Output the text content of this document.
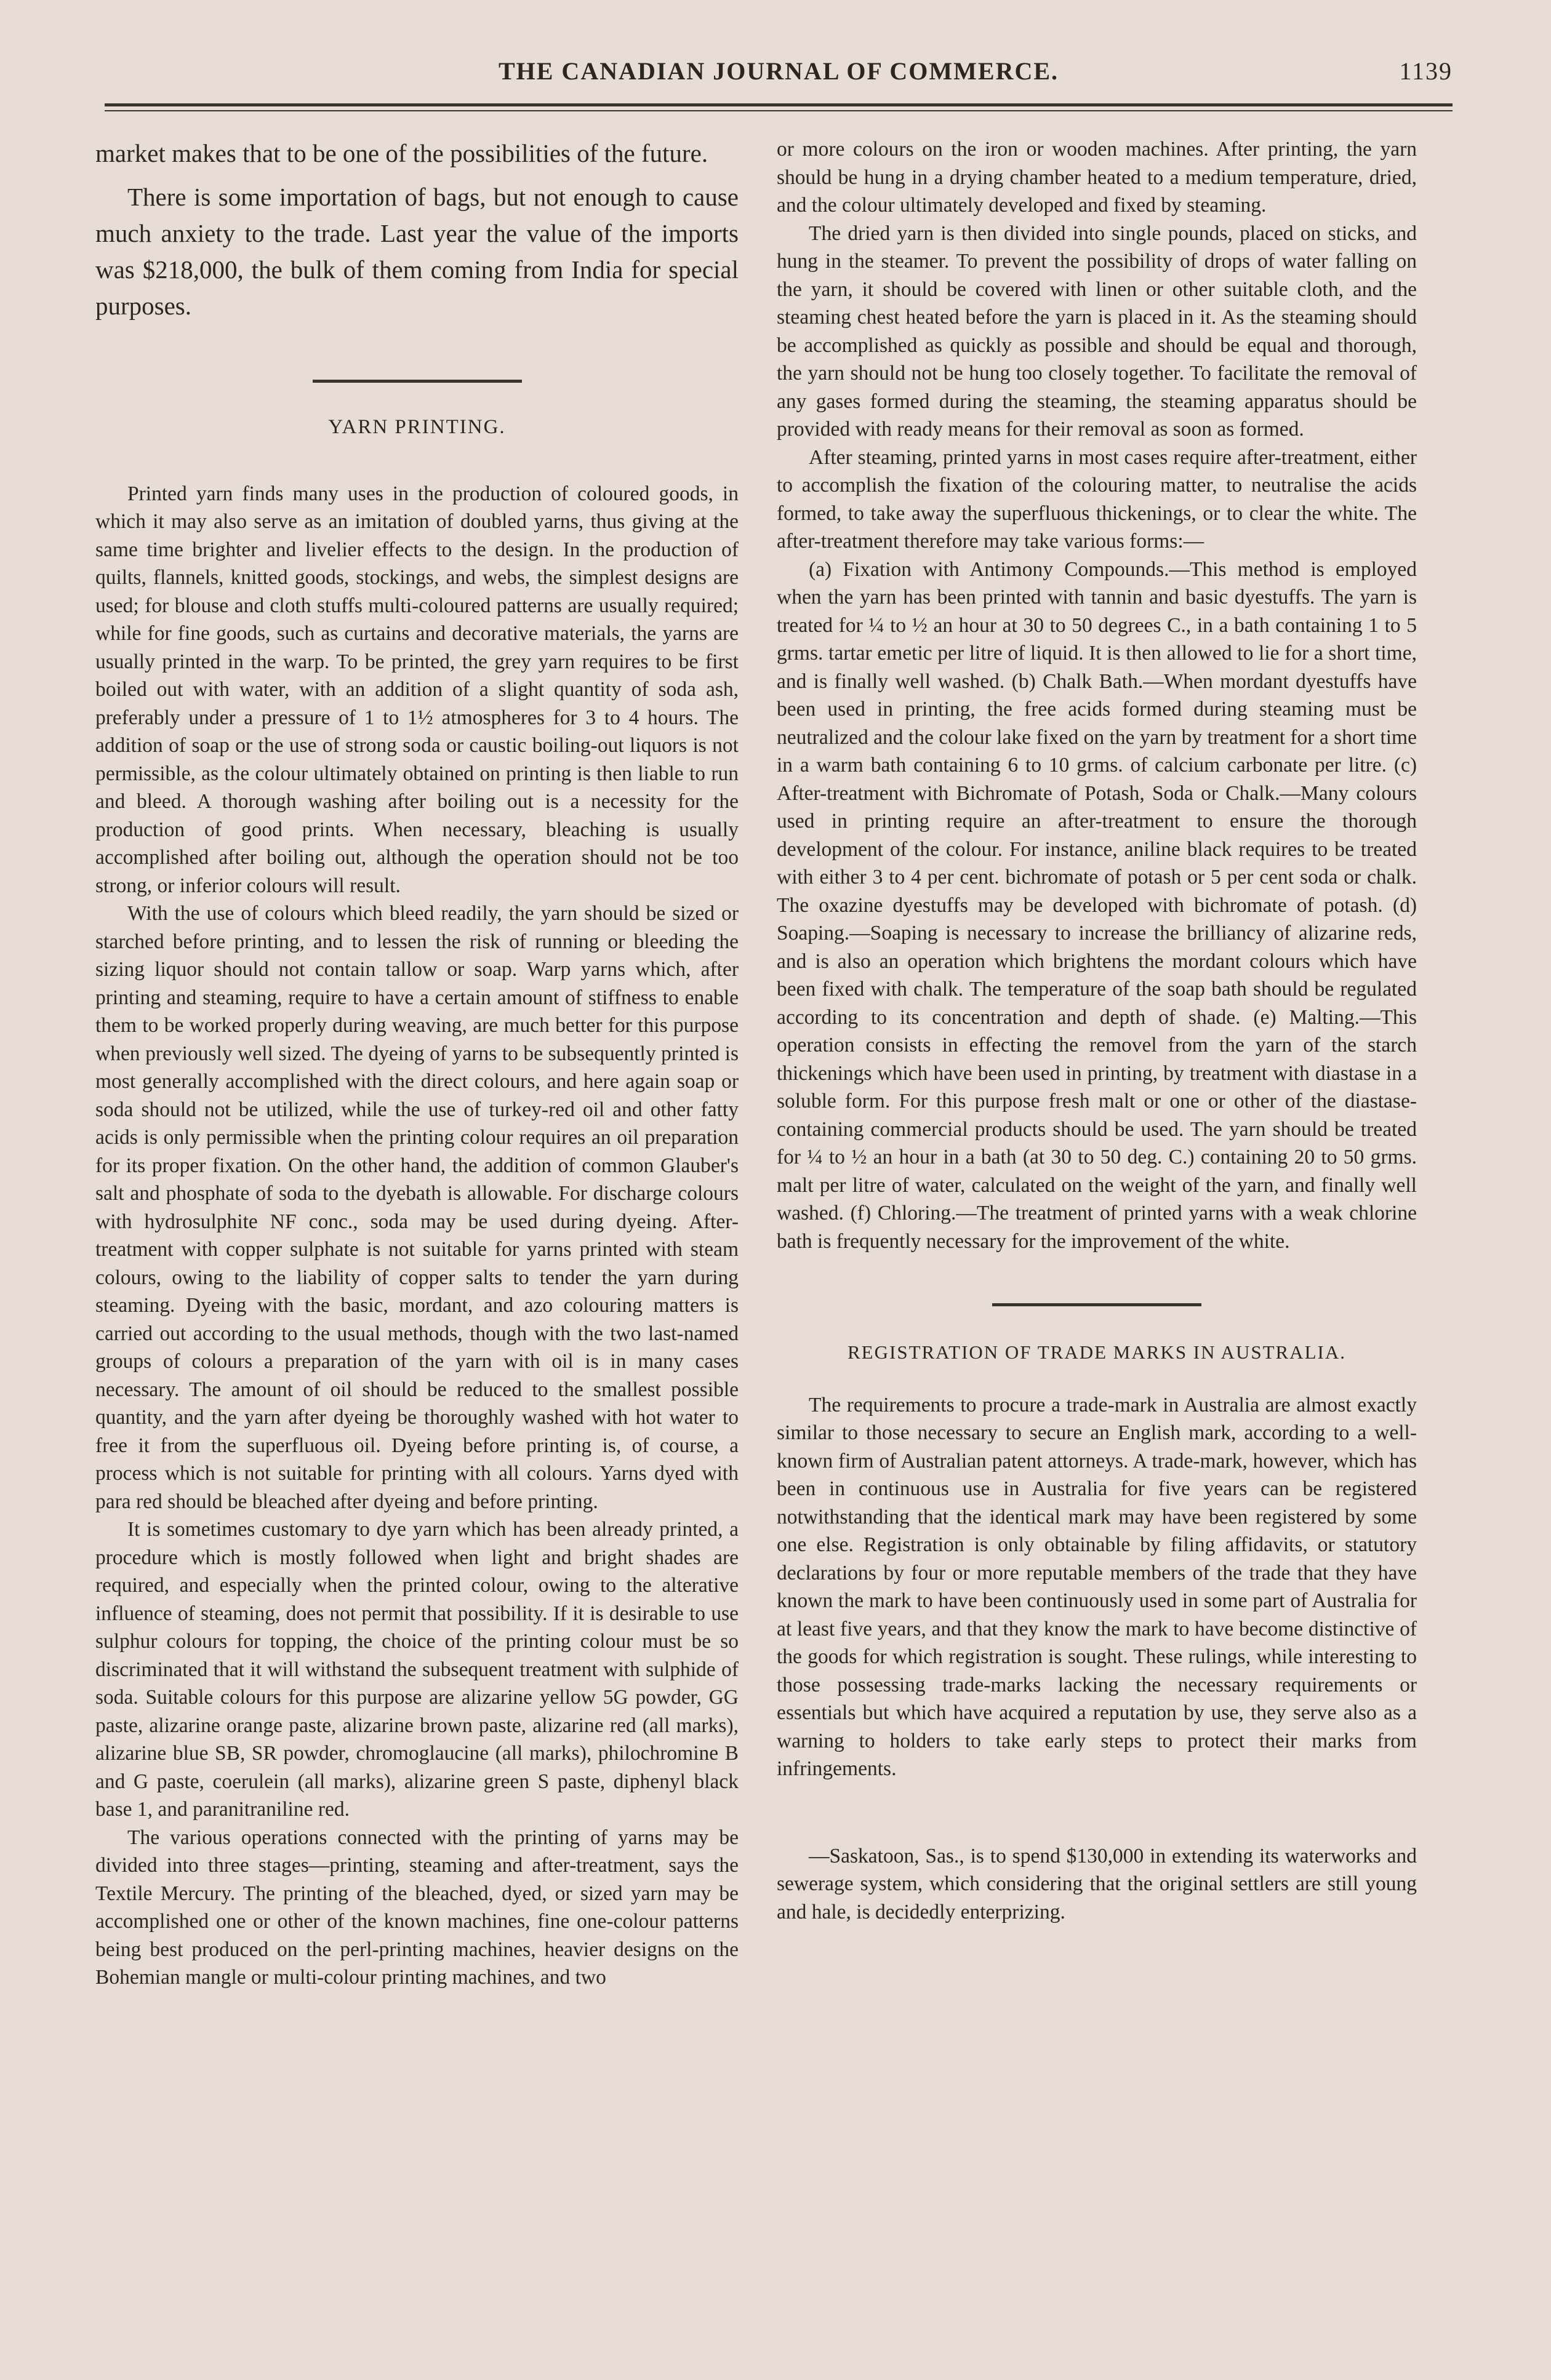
THE CANADIAN JOURNAL OF COMMERCE.	1139

market makes that to be one of the possibilities of the future.

There is some importation of bags, but not enough to cause much anxiety to the trade. Last year the value of the imports was $218,000, the bulk of them coming from India for special purposes.

YARN PRINTING.

Printed yarn finds many uses in the production of coloured goods, in which it may also serve as an imitation of doubled yarns, thus giving at the same time brighter and livelier effects to the design. In the production of quilts, flannels, knitted goods, stockings, and webs, the simplest designs are used; for blouse and cloth stuffs multi-coloured patterns are usually required; while for fine goods, such as curtains and decorative materials, the yarns are usually printed in the warp. To be printed, the grey yarn requires to be first boiled out with water, with an addition of a slight quantity of soda ash, preferably under a pressure of 1 to 1½ atmospheres for 3 to 4 hours. The addition of soap or the use of strong soda or caustic boiling-out liquors is not permissible, as the colour ultimately obtained on printing is then liable to run and bleed. A thorough washing after boiling out is a necessity for the production of good prints. When necessary, bleaching is usually accomplished after boiling out, although the operation should not be too strong, or inferior colours will result.

With the use of colours which bleed readily, the yarn should be sized or starched before printing, and to lessen the risk of running or bleeding the sizing liquor should not contain tallow or soap. Warp yarns which, after printing and steaming, require to have a certain amount of stiffness to enable them to be worked properly during weaving, are much better for this purpose when previously well sized. The dyeing of yarns to be subsequently printed is most generally accomplished with the direct colours, and here again soap or soda should not be utilized, while the use of turkey-red oil and other fatty acids is only permissible when the printing colour requires an oil preparation for its proper fixation. On the other hand, the addition of common Glauber's salt and phosphate of soda to the dyebath is allowable. For discharge colours with hydrosulphite NF conc., soda may be used during dyeing. After-treatment with copper sulphate is not suitable for yarns printed with steam colours, owing to the liability of copper salts to tender the yarn during steaming. Dyeing with the basic, mordant, and azo colouring matters is carried out according to the usual methods, though with the two last-named groups of colours a preparation of the yarn with oil is in many cases necessary. The amount of oil should be reduced to the smallest possible quantity, and the yarn after dyeing be thoroughly washed with hot water to free it from the superfluous oil. Dyeing before printing is, of course, a process which is not suitable for printing with all colours. Yarns dyed with para red should be bleached after dyeing and before printing.

It is sometimes customary to dye yarn which has been already printed, a procedure which is mostly followed when light and bright shades are required, and especially when the printed colour, owing to the alterative influence of steaming, does not permit that possibility. If it is desirable to use sulphur colours for topping, the choice of the printing colour must be so discriminated that it will withstand the subsequent treatment with sulphide of soda. Suitable colours for this purpose are alizarine yellow 5G powder, GG paste, alizarine orange paste, alizarine brown paste, alizarine red (all marks), alizarine blue SB, SR powder, chromoglaucine (all marks), philochromine B and G paste, coerulein (all marks), alizarine green S paste, diphenyl black base 1, and paranitraniline red.

The various operations connected with the printing of yarns may be divided into three stages—printing, steaming and after-treatment, says the Textile Mercury. The printing of the bleached, dyed, or sized yarn may be accomplished one or other of the known machines, fine one-colour patterns being best produced on the perl-printing machines, heavier designs on the Bohemian mangle or multi-colour printing machines, and two

or more colours on the iron or wooden machines. After printing, the yarn should be hung in a drying chamber heated to a medium temperature, dried, and the colour ultimately developed and fixed by steaming.

The dried yarn is then divided into single pounds, placed on sticks, and hung in the steamer. To prevent the possibility of drops of water falling on the yarn, it should be covered with linen or other suitable cloth, and the steaming chest heated before the yarn is placed in it. As the steaming should be accomplished as quickly as possible and should be equal and thorough, the yarn should not be hung too closely together. To facilitate the removal of any gases formed during the steaming, the steaming apparatus should be provided with ready means for their removal as soon as formed.

After steaming, printed yarns in most cases require after-treatment, either to accomplish the fixation of the colouring matter, to neutralise the acids formed, to take away the superfluous thickenings, or to clear the white. The after-treatment therefore may take various forms:—

(a) Fixation with Antimony Compounds.—This method is employed when the yarn has been printed with tannin and basic dyestuffs. The yarn is treated for ¼ to ½ an hour at 30 to 50 degrees C., in a bath containing 1 to 5 grms. tartar emetic per litre of liquid. It is then allowed to lie for a short time, and is finally well washed. (b) Chalk Bath.—When mordant dyestuffs have been used in printing, the free acids formed during steaming must be neutralized and the colour lake fixed on the yarn by treatment for a short time in a warm bath containing 6 to 10 grms. of calcium carbonate per litre. (c) After-treatment with Bichromate of Potash, Soda or Chalk.—Many colours used in printing require an after-treatment to ensure the thorough development of the colour. For instance, aniline black requires to be treated with either 3 to 4 per cent. bichromate of potash or 5 per cent soda or chalk. The oxazine dyestuffs may be developed with bichromate of potash. (d) Soaping.—Soaping is necessary to increase the brilliancy of alizarine reds, and is also an operation which brightens the mordant colours which have been fixed with chalk. The temperature of the soap bath should be regulated according to its concentration and depth of shade. (e) Malting.—This operation consists in effecting the removel from the yarn of the starch thickenings which have been used in printing, by treatment with diastase in a soluble form. For this purpose fresh malt or one or other of the diastase-containing commercial products should be used. The yarn should be treated for ¼ to ½ an hour in a bath (at 30 to 50 deg. C.) containing 20 to 50 grms. malt per litre of water, calculated on the weight of the yarn, and finally well washed. (f) Chloring.—The treatment of printed yarns with a weak chlorine bath is frequently necessary for the improvement of the white.

REGISTRATION OF TRADE MARKS IN AUSTRALIA.

The requirements to procure a trade-mark in Australia are almost exactly similar to those necessary to secure an English mark, according to a well-known firm of Australian patent attorneys. A trade-mark, however, which has been in continuous use in Australia for five years can be registered notwithstanding that the identical mark may have been registered by some one else. Registration is only obtainable by filing affidavits, or statutory declarations by four or more reputable members of the trade that they have known the mark to have been continuously used in some part of Australia for at least five years, and that they know the mark to have become distinctive of the goods for which registration is sought. These rulings, while interesting to those possessing trade-marks lacking the necessary requirements or essentials but which have acquired a reputation by use, they serve also as a warning to holders to take early steps to protect their marks from infringements.

—Saskatoon, Sas., is to spend $130,000 in extending its waterworks and sewerage system, which considering that the original settlers are still young and hale, is decidedly enterprizing.
